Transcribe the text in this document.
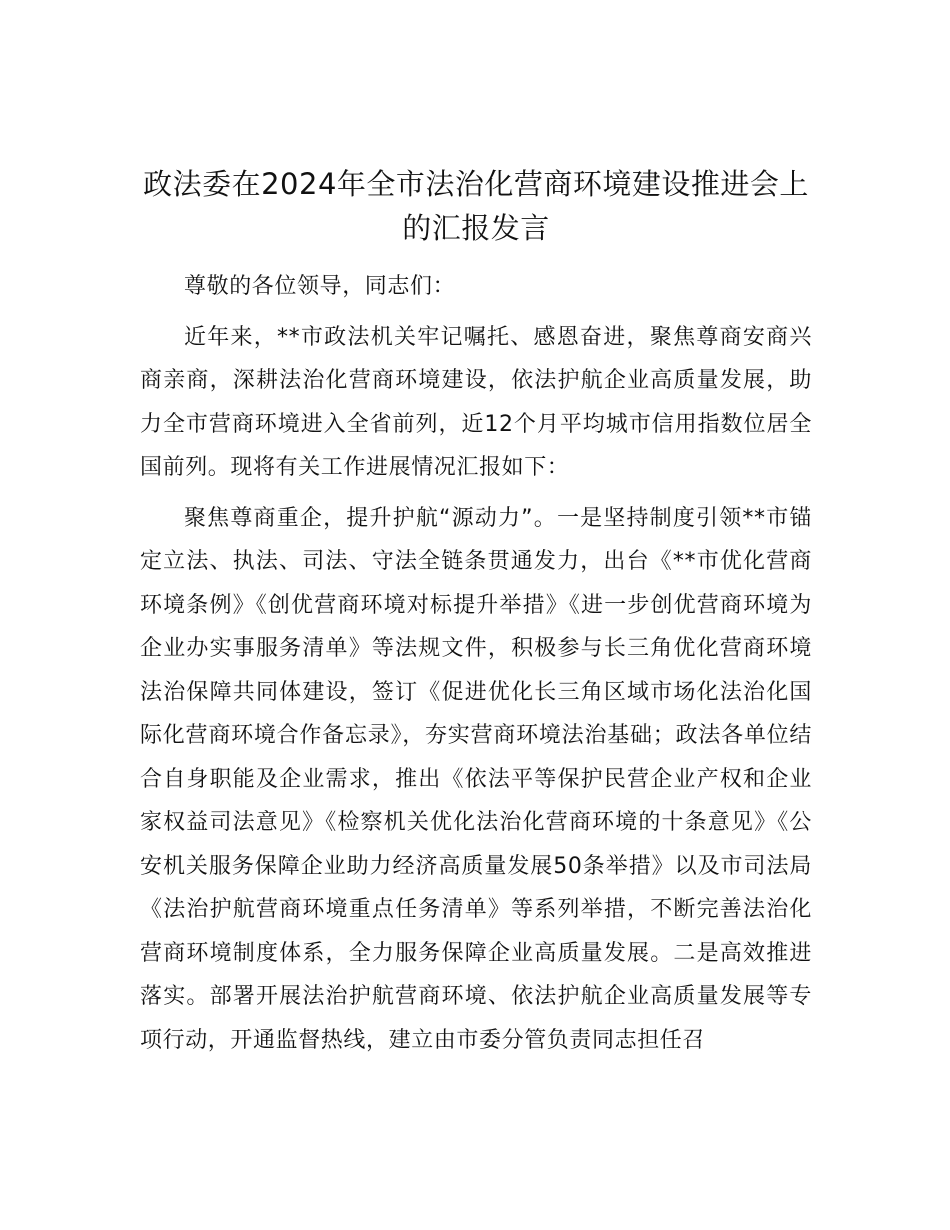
政法委在2024年全市法治化营商环境建设推进会上的汇报发言

尊敬的各位领导，同志们：

近年来，**市政法机关牢记嘱托、感恩奋进，聚焦尊商安商兴商亲商，深耕法治化营商环境建设，依法护航企业高质量发展，助力全市营商环境进入全省前列，近12个月平均城市信用指数位居全国前列。现将有关工作进展情况汇报如下：

聚焦尊商重企，提升护航“源动力”。一是坚持制度引领**市锚定立法、执法、司法、守法全链条贯通发力，出台《**市优化营商环境条例》《创优营商环境对标提升举措》《进一步创优营商环境为企业办实事服务清单》等法规文件，积极参与长三角优化营商环境法治保障共同体建设，签订《促进优化长三角区域市场化法治化国际化营商环境合作备忘录》，夯实营商环境法治基础；政法各单位结合自身职能及企业需求，推出《依法平等保护民营企业产权和企业家权益司法意见》《检察机关优化法治化营商环境的十条意见》《公安机关服务保障企业助力经济高质量发展50条举措》以及市司法局《法治护航营商环境重点任务清单》等系列举措，不断完善法治化营商环境制度体系，全力服务保障企业高质量发展。二是高效推进落实。部署开展法治护航营商环境、依法护航企业高质量发展等专项行动，开通监督热线，建立由市委分管负责同志担任召
